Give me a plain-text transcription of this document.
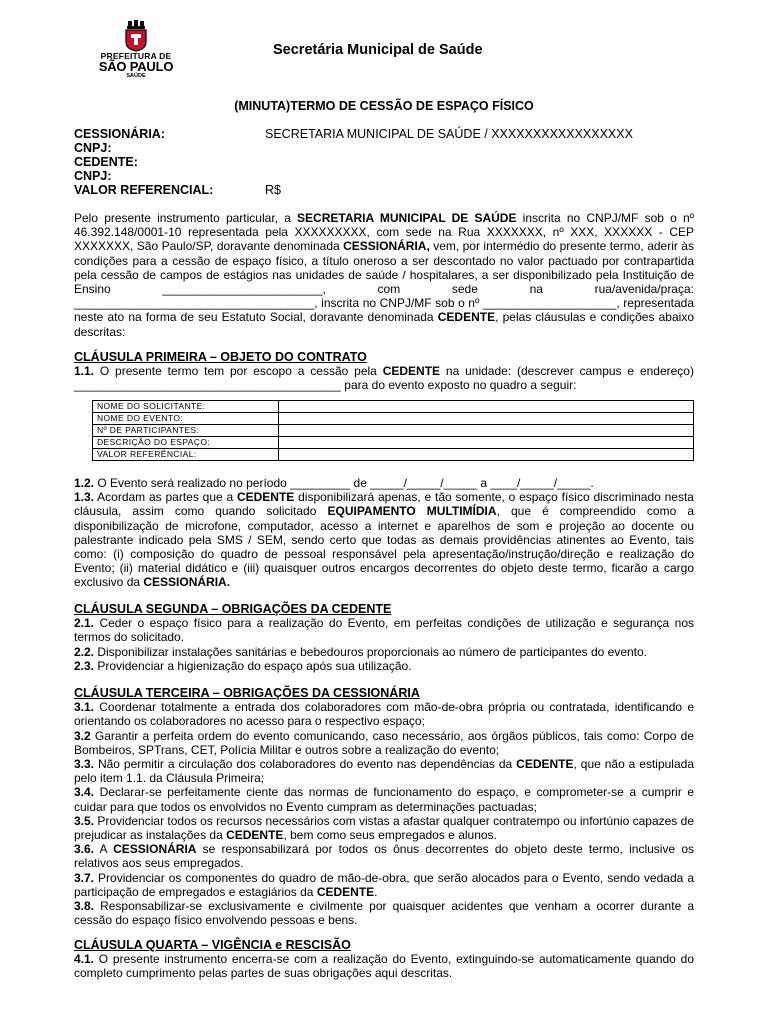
PREFEITURA DE
SÃO PAULO
SAÚDE
Secretária Municipal de Saúde
(MINUTA)TERMO DE CESSÃO DE ESPAÇO FÍSICO
CESSIONÁRIA:	SECRETARIA MUNICIPAL DE SAÚDE / XXXXXXXXXXXXXXXXX
CNPJ:
CEDENTE:
CNPJ:
VALOR REFERENCIAL:	R$

Pelo presente instrumento particular, a SECRETARIA MUNICIPAL DE SAÚDE inscrita no CNPJ/MF sob o nº 46.392.148/0001-10 representada pela XXXXXXXXX, com sede na Rua XXXXXXX, nº XXX, XXXXXX - CEP XXXXXXX, São Paulo/SP, doravante denominada CESSIONÁRIA, vem, por intermédio do presente termo, aderir às condições para a cessão de espaço físico, a título oneroso a ser descontado no valor pactuado por contrapartida pela cessão de campos de estágios nas unidades de saúde / hospitalares, a ser disponibilizado pela Instituição de Ensino ________________________, com sede na rua/avenida/praça: ____________________________________, inscrita no CNPJ/MF sob o nº ____________________, representada neste ato na forma de seu Estatuto Social, doravante denominada CEDENTE, pelas cláusulas e condições abaixo descritas:

CLÁUSULA PRIMEIRA – OBJETO DO CONTRATO

1.1. O presente termo tem por escopo a cessão pela CEDENTE na unidade: (descrever campus e endereço) ________________________________________ para do evento exposto no quadro a seguir:

NOME DO SOLICITANTE:	
NOME DO EVENTO:	
Nº DE PARTICIPANTES:	
DESCRIÇÃO DO ESPAÇO:	
VALOR REFERÊNCIAL:	

1.2. O Evento será realizado no período _________ de _____/_____/_____ a ____/_____/_____.

1.3. Acordam as partes que a CEDENTE disponibilizará apenas, e tão somente, o espaço físico discriminado nesta cláusula, assim como quando solicitado EQUIPAMENTO MULTIMÍDIA, que é compreendido como a disponibilização de microfone, computador, acesso a internet e aparelhos de som e projeção ao docente ou palestrante indicado pela SMS / SEM, sendo certo que todas as demais providências atinentes ao Evento, tais como: (i) composição do quadro de pessoal responsável pela apresentação/instrução/direção e realização do Evento; (ii) material didático e (iii) quaisquer outros encargos decorrentes do objeto deste termo, ficarão a cargo exclusivo da CESSIONÁRIA.

CLÁUSULA SEGUNDA – OBRIGAÇÕES DA CEDENTE

2.1. Ceder o espaço físico para a realização do Evento, em perfeitas condições de utilização e segurança nos termos do solicitado.

2.2. Disponibilizar instalações sanitárias e bebedouros proporcionais ao número de participantes do evento.

2.3. Providenciar a higienização do espaço após sua utilização.

CLÁUSULA TERCEIRA – OBRIGAÇÕES DA CESSIONÁRIA

3.1. Coordenar totalmente a entrada dos colaboradores com mão-de-obra própria ou contratada, identificando e orientando os colaboradores no acesso para o respectivo espaço;

3.2 Garantir a perfeita ordem do evento comunicando, caso necessário, aos órgãos públicos, tais como: Corpo de Bombeiros, SPTrans, CET, Polícia Militar e outros sobre a realização do evento;

3.3. Não permitir a circulação dos colaboradores do evento nas dependências da CEDENTE, que não a estipulada pelo item 1.1. da Cláusula Primeira;

3.4. Declarar-se perfeitamente ciente das normas de funcionamento do espaço, e comprometer-se a cumprir e cuidar para que todos os envolvidos no Evento cumpram as determinações pactuadas;

3.5. Providenciar todos os recursos necessários com vistas a afastar qualquer contratempo ou infortúnio capazes de prejudicar as instalações da CEDENTE, bem como seus empregados e alunos.

3.6. A CESSIONÁRIA se responsabilizará por todos os ônus decorrentes do objeto deste termo, inclusive os relativos aos seus empregados.

3.7. Providenciar os componentes do quadro de mão-de-obra, que serão alocados para o Evento, sendo vedada a participação de empregados e estagiários da CEDENTE.

3.8. Responsabilizar-se exclusivamente e civilmente por quaisquer acidentes que venham a ocorrer durante a cessão do espaço físico envolvendo pessoas e bens.

CLÁUSULA QUARTA – VIGÊNCIA e RESCISÃO

4.1. O presente instrumento encerra-se com a realização do Evento, extinguindo-se automaticamente quando do completo cumprimento pelas partes de suas obrigações aqui descritas.
